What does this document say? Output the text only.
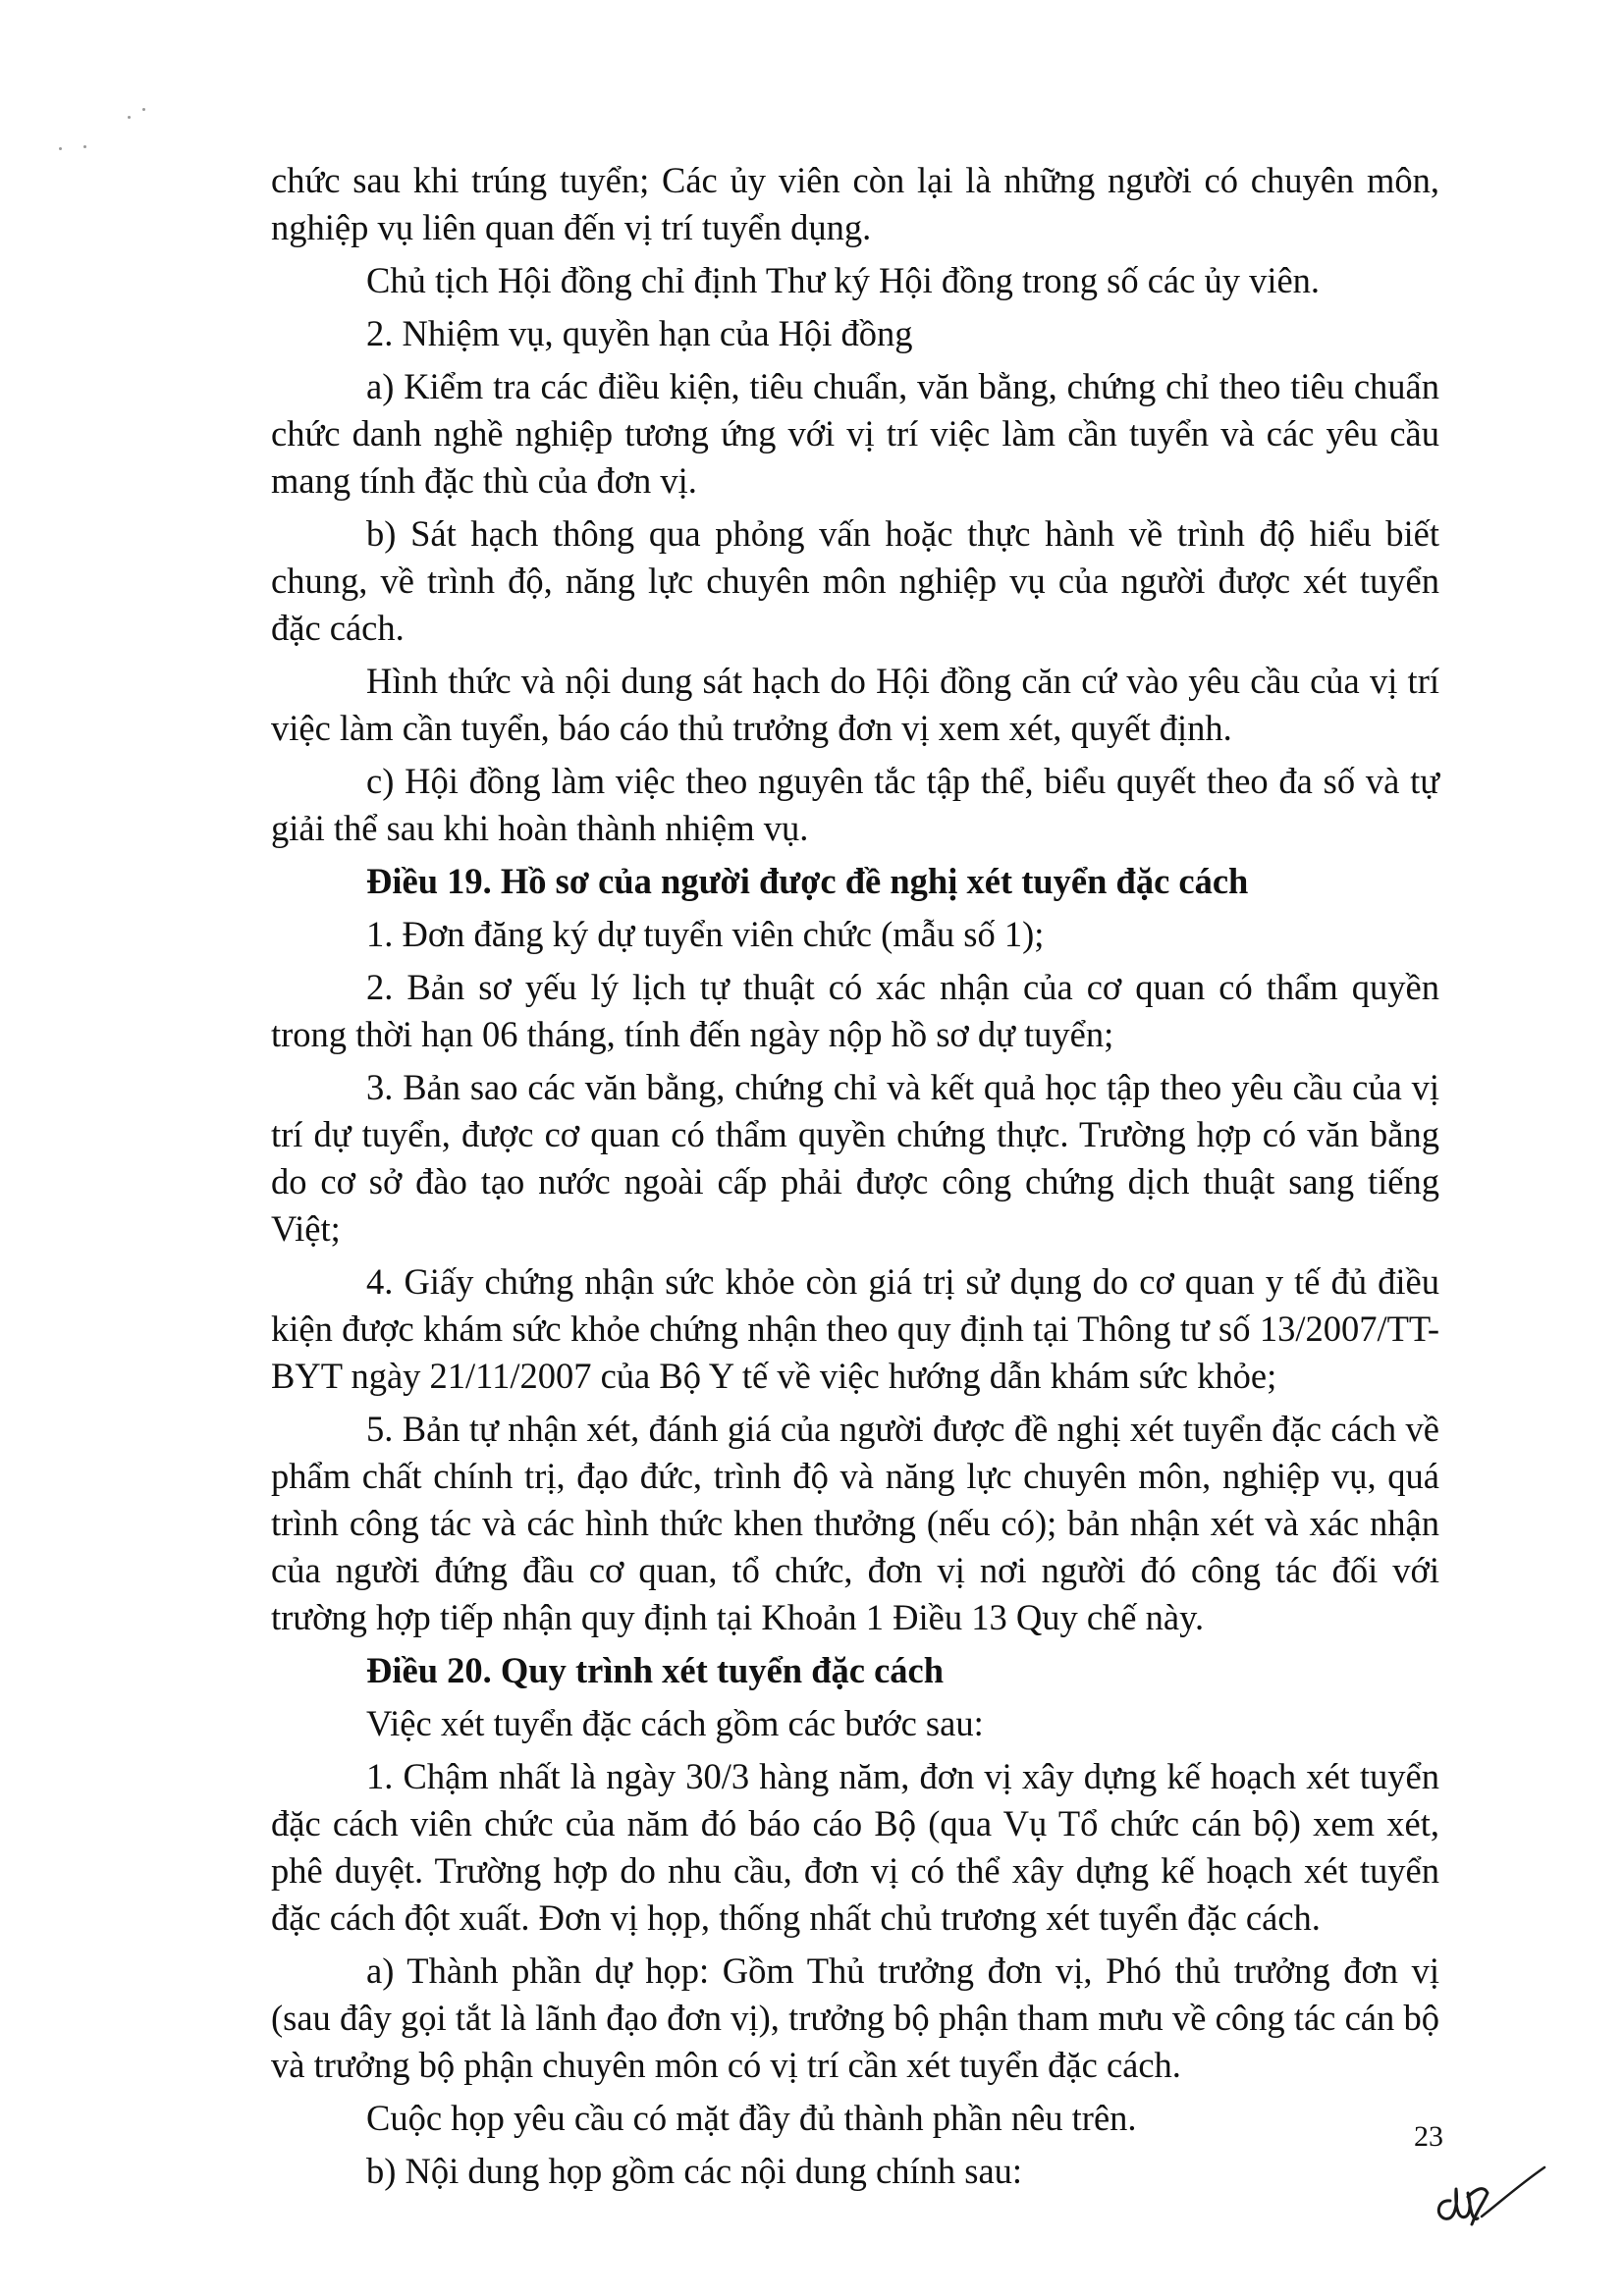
chức sau khi trúng tuyển; Các ủy viên còn lại là những người có chuyên môn, nghiệp vụ liên quan đến vị trí tuyển dụng.

Chủ tịch Hội đồng chỉ định Thư ký Hội đồng trong số các ủy viên.

2. Nhiệm vụ, quyền hạn của Hội đồng

a) Kiểm tra các điều kiện, tiêu chuẩn, văn bằng, chứng chỉ theo tiêu chuẩn chức danh nghề nghiệp tương ứng với vị trí việc làm cần tuyển và các yêu cầu mang tính đặc thù của đơn vị.

b) Sát hạch thông qua phỏng vấn hoặc thực hành về trình độ hiểu biết chung, về trình độ, năng lực chuyên môn nghiệp vụ của người được xét tuyển đặc cách.

Hình thức và nội dung sát hạch do Hội đồng căn cứ vào yêu cầu của vị trí việc làm cần tuyển, báo cáo thủ trưởng đơn vị xem xét, quyết định.

c) Hội đồng làm việc theo nguyên tắc tập thể, biểu quyết theo đa số và tự giải thể sau khi hoàn thành nhiệm vụ.

Điều 19. Hồ sơ của người được đề nghị xét tuyển đặc cách

1. Đơn đăng ký dự tuyển viên chức (mẫu số 1);

2. Bản sơ yếu lý lịch tự thuật có xác nhận của cơ quan có thẩm quyền trong thời hạn 06 tháng, tính đến ngày nộp hồ sơ dự tuyển;

3. Bản sao các văn bằng, chứng chỉ và kết quả học tập theo yêu cầu của vị trí dự tuyển, được cơ quan có thẩm quyền chứng thực. Trường hợp có văn bằng do cơ sở đào tạo nước ngoài cấp phải được công chứng dịch thuật sang tiếng Việt;

4. Giấy chứng nhận sức khỏe còn giá trị sử dụng do cơ quan y tế đủ điều kiện được khám sức khỏe chứng nhận theo quy định tại Thông tư số 13/2007/TT-BYT ngày 21/11/2007 của Bộ Y tế về việc hướng dẫn khám sức khỏe;

5. Bản tự nhận xét, đánh giá của người được đề nghị xét tuyển đặc cách về phẩm chất chính trị, đạo đức, trình độ và năng lực chuyên môn, nghiệp vụ, quá trình công tác và các hình thức khen thưởng (nếu có); bản nhận xét và xác nhận của người đứng đầu cơ quan, tổ chức, đơn vị nơi người đó công tác đối với trường hợp tiếp nhận quy định tại Khoản 1 Điều 13 Quy chế này.

Điều 20. Quy trình xét tuyển đặc cách

Việc xét tuyển đặc cách gồm các bước sau:

1. Chậm nhất là ngày 30/3 hàng năm, đơn vị xây dựng kế hoạch xét tuyển đặc cách viên chức của năm đó báo cáo Bộ (qua Vụ Tổ chức cán bộ) xem xét, phê duyệt. Trường hợp do nhu cầu, đơn vị có thể xây dựng kế hoạch xét tuyển đặc cách đột xuất. Đơn vị họp, thống nhất chủ trương xét tuyển đặc cách.

a) Thành phần dự họp: Gồm Thủ trưởng đơn vị, Phó thủ trưởng đơn vị (sau đây gọi tắt là lãnh đạo đơn vị), trưởng bộ phận tham mưu về công tác cán bộ và trưởng bộ phận chuyên môn có vị trí cần xét tuyển đặc cách.

Cuộc họp yêu cầu có mặt đầy đủ thành phần nêu trên.

b) Nội dung họp gồm các nội dung chính sau:

23
